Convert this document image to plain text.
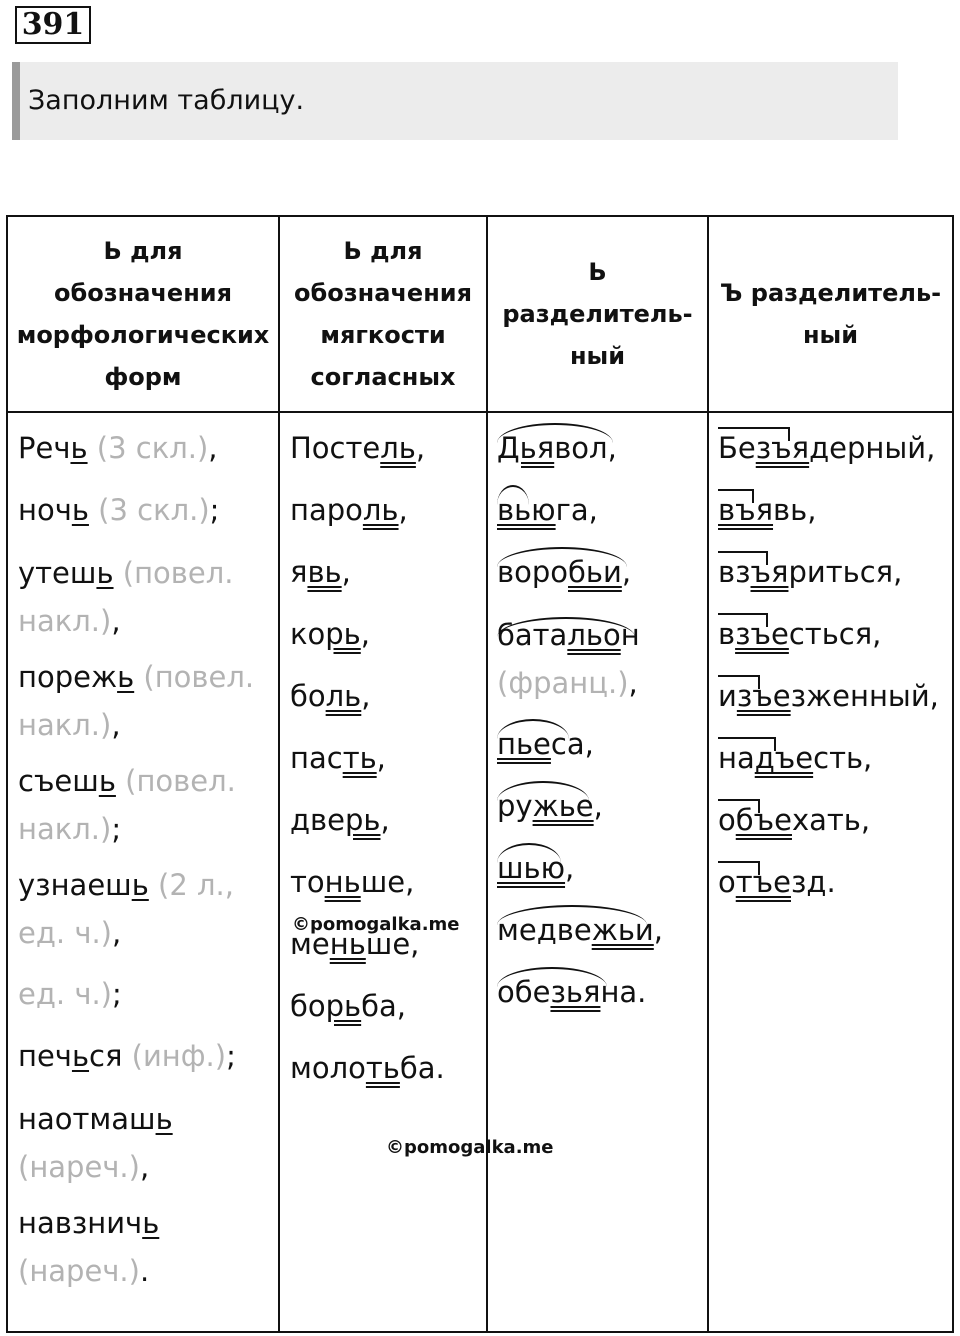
391
Заполним таблицу.
Ь для обозначения морфологических форм
Ь для обозначения мягкости согласных
Ь разделитель-ный
Ъ разделитель-ный
Речь (3 скл.),
ночь (3 скл.);
утешь (повел.
накл.),
порежь (повел.
накл.),
съешь (повел.
накл.);
узнаешь (2 л.,
ед. ч.),
ед. ч.);
печься (инф.);
наотмашь
(нареч.),
навзничь
(нареч.).
Постель,
пароль,
явь,
корь,
боль,
пасть,
дверь,
тоньше,
меньше,
борьба,
молотьба.
Дьявол,
вьюга,
воробьи,
батальон
(франц.),
пьеса,
ружье,
шью,
медвежьи,
обезьяна.
Безъядерный,
въявь,
взъяриться,
взъесться,
изъезженный,
надъесть,
объехать,
отъезд.
©pomogalka.me
©pomogalka.me
